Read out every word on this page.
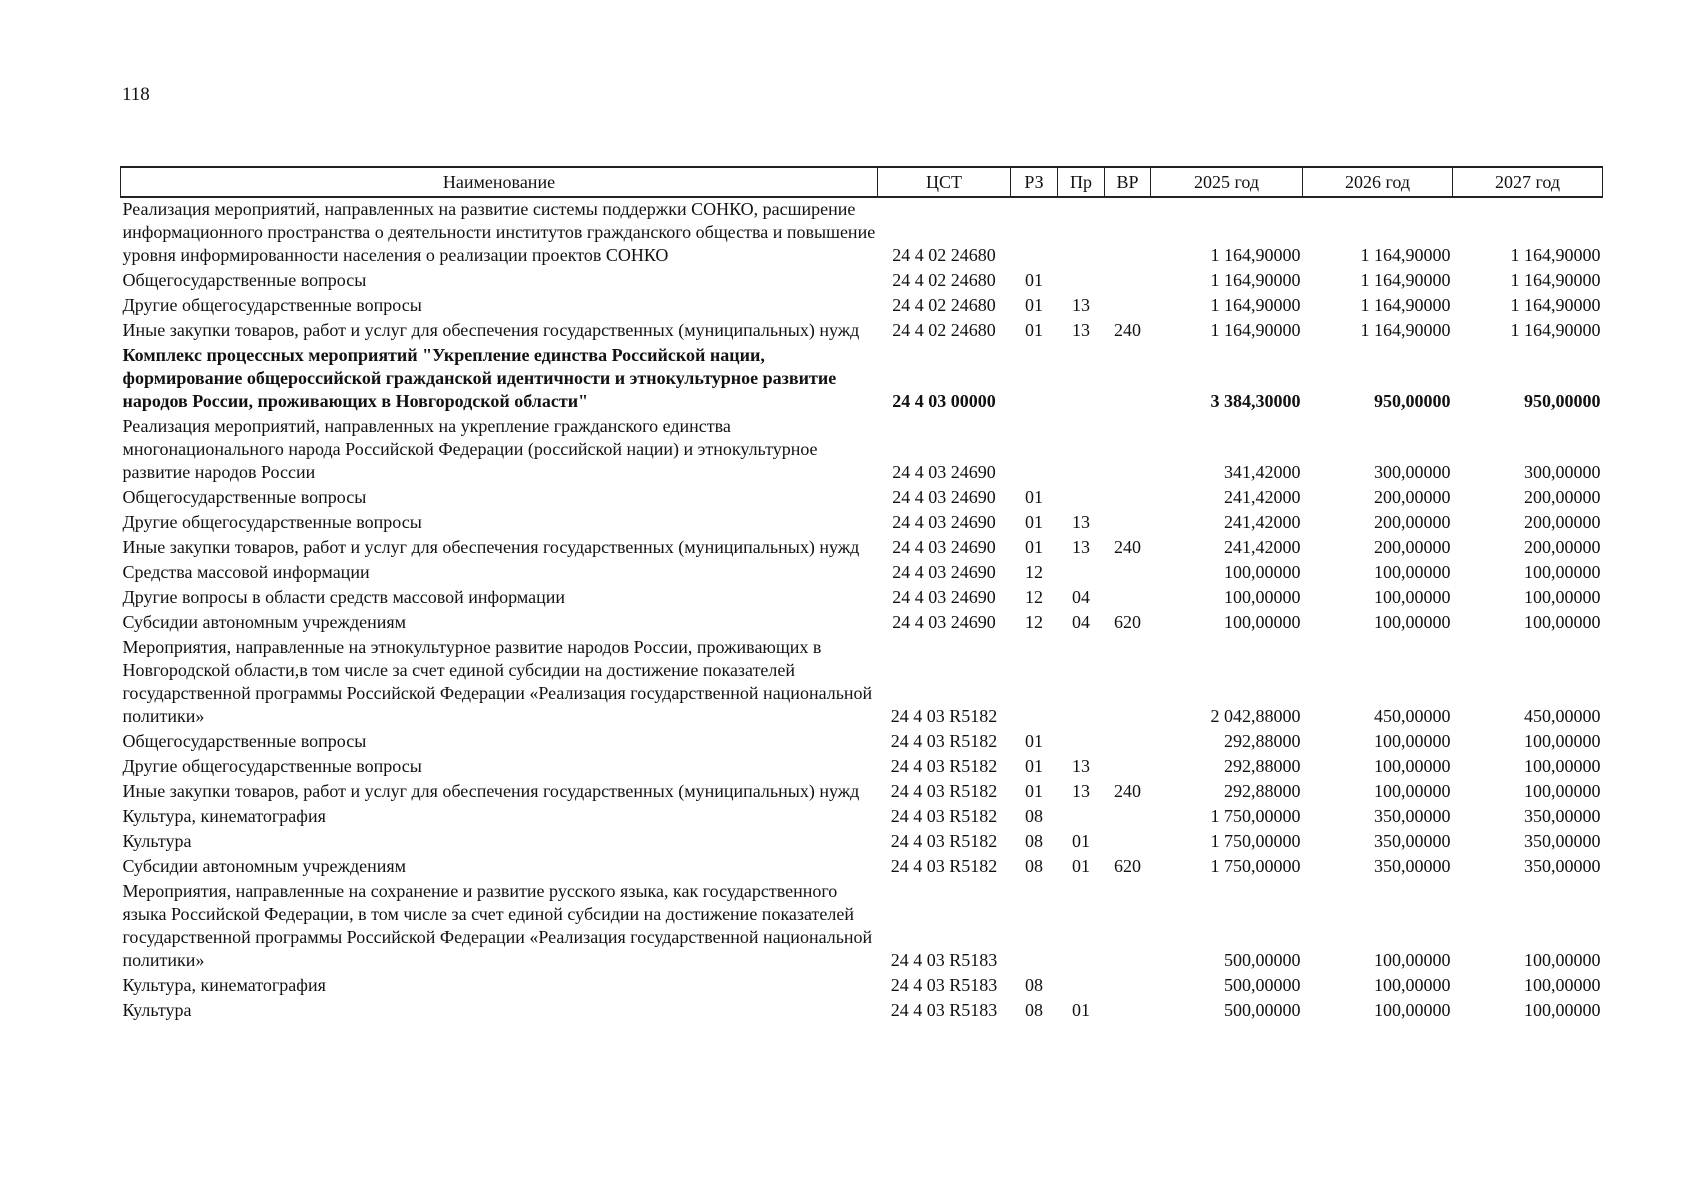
118
Наименование	ЦСТ	РЗ	Пр	ВР	2025 год	2026 год	2027 год
Реализация мероприятий, направленных на развитие системы поддержки СОНКО, расширение информационного пространства о деятельности институтов гражданского общества и повышение уровня информированности населения о реализации проектов СОНКО	24 4 02 24680				1 164,90000	1 164,90000	1 164,90000
Общегосударственные вопросы	24 4 02 24680	01			1 164,90000	1 164,90000	1 164,90000
Другие общегосударственные вопросы	24 4 02 24680	01	13		1 164,90000	1 164,90000	1 164,90000
Иные закупки товаров, работ и услуг для обеспечения государственных (муниципальных) нужд	24 4 02 24680	01	13	240	1 164,90000	1 164,90000	1 164,90000
Комплекс процессных мероприятий "Укрепление единства Российской нации, формирование общероссийской гражданской идентичности и этнокультурное развитие народов России, проживающих в Новгородской области"	24 4 03 00000				3 384,30000	950,00000	950,00000
Реализация мероприятий, направленных на укрепление гражданского единства многонационального народа Российской Федерации (российской нации) и этнокультурное развитие народов России	24 4 03 24690				341,42000	300,00000	300,00000
Общегосударственные вопросы	24 4 03 24690	01			241,42000	200,00000	200,00000
Другие общегосударственные вопросы	24 4 03 24690	01	13		241,42000	200,00000	200,00000
Иные закупки товаров, работ и услуг для обеспечения государственных (муниципальных) нужд	24 4 03 24690	01	13	240	241,42000	200,00000	200,00000
Средства массовой информации	24 4 03 24690	12			100,00000	100,00000	100,00000
Другие вопросы в области средств массовой информации	24 4 03 24690	12	04		100,00000	100,00000	100,00000
Субсидии автономным учреждениям	24 4 03 24690	12	04	620	100,00000	100,00000	100,00000
Мероприятия, направленные на этнокультурное развитие народов России, проживающих в Новгородской области,в том числе за счет единой субсидии на достижение показателей государственной программы Российской Федерации «Реализация государственной национальной политики»	24 4 03 R5182				2 042,88000	450,00000	450,00000
Общегосударственные вопросы	24 4 03 R5182	01			292,88000	100,00000	100,00000
Другие общегосударственные вопросы	24 4 03 R5182	01	13		292,88000	100,00000	100,00000
Иные закупки товаров, работ и услуг для обеспечения государственных (муниципальных) нужд	24 4 03 R5182	01	13	240	292,88000	100,00000	100,00000
Культура, кинематография	24 4 03 R5182	08			1 750,00000	350,00000	350,00000
Культура	24 4 03 R5182	08	01		1 750,00000	350,00000	350,00000
Субсидии автономным учреждениям	24 4 03 R5182	08	01	620	1 750,00000	350,00000	350,00000
Мероприятия, направленные на сохранение и развитие русского языка, как государственного языка Российской Федерации, в том числе за счет единой субсидии на достижение показателей государственной программы Российской Федерации «Реализация государственной национальной политики»	24 4 03 R5183				500,00000	100,00000	100,00000
Культура, кинематография	24 4 03 R5183	08			500,00000	100,00000	100,00000
Культура	24 4 03 R5183	08	01		500,00000	100,00000	100,00000
